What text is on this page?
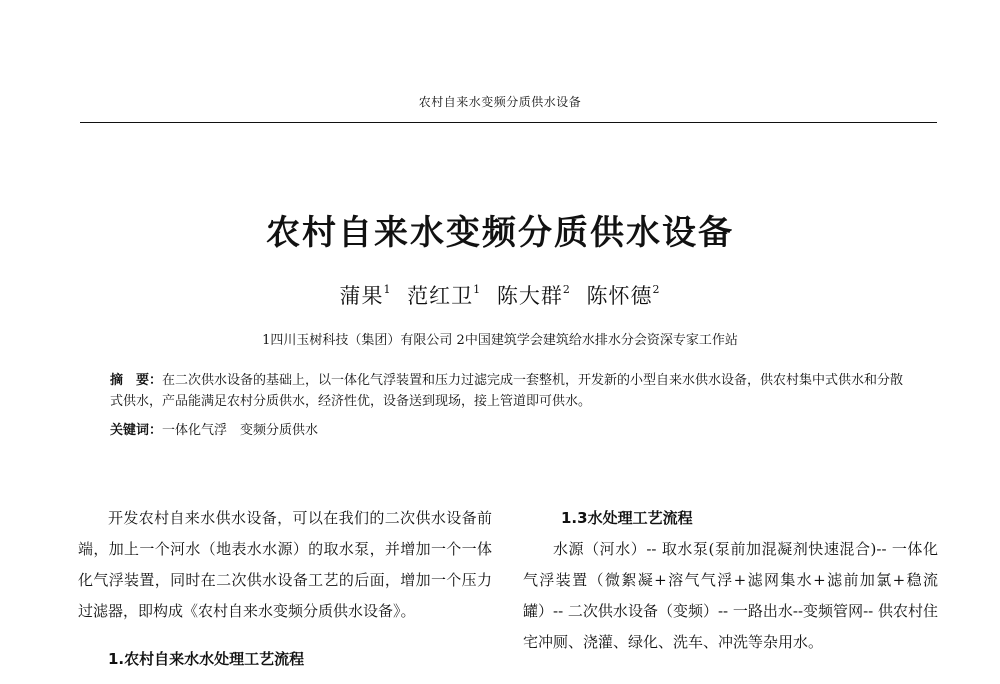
农村自来水变频分质供水设备
农村自来水变频分质供水设备
蒲果$^1$ 范红卫$^1$ 陈大群$^2$ 陈怀德$^2$
1四川玉树科技（集团）有限公司 2中国建筑学会建筑给水排水分会资深专家工作站
摘　要：在二次供水设备的基础上，以一体化气浮装置和压力过滤完成一套整机，开发新的小型自来水供水设备，供农村集中式供水和分散式供水，产品能满足农村分质供水，经济性优，设备送到现场，接上管道即可供水。
关键词：一体化气浮　变频分质供水

开发农村自来水供水设备，可以在我们的二次供水设备前端，加上一个河水（地表水水源）的取水泵，并增加一个一体化气浮装置，同时在二次供水设备工艺的后面，增加一个压力过滤器，即构成《农村自来水变频分质供水设备》。

1.农村自来水水处理工艺流程

1.3水处理工艺流程

水源（河水）-- 取水泵(泵前加混凝剂快速混合)-- 一体化气浮装置（微絮凝+溶气气浮+滤网集水+滤前加氯+稳流罐）-- 二次供水设备（变频）-- 一路出水--变频管网-- 供农村住宅冲厕、浇灌、绿化、洗车、冲洗等杂用水。
